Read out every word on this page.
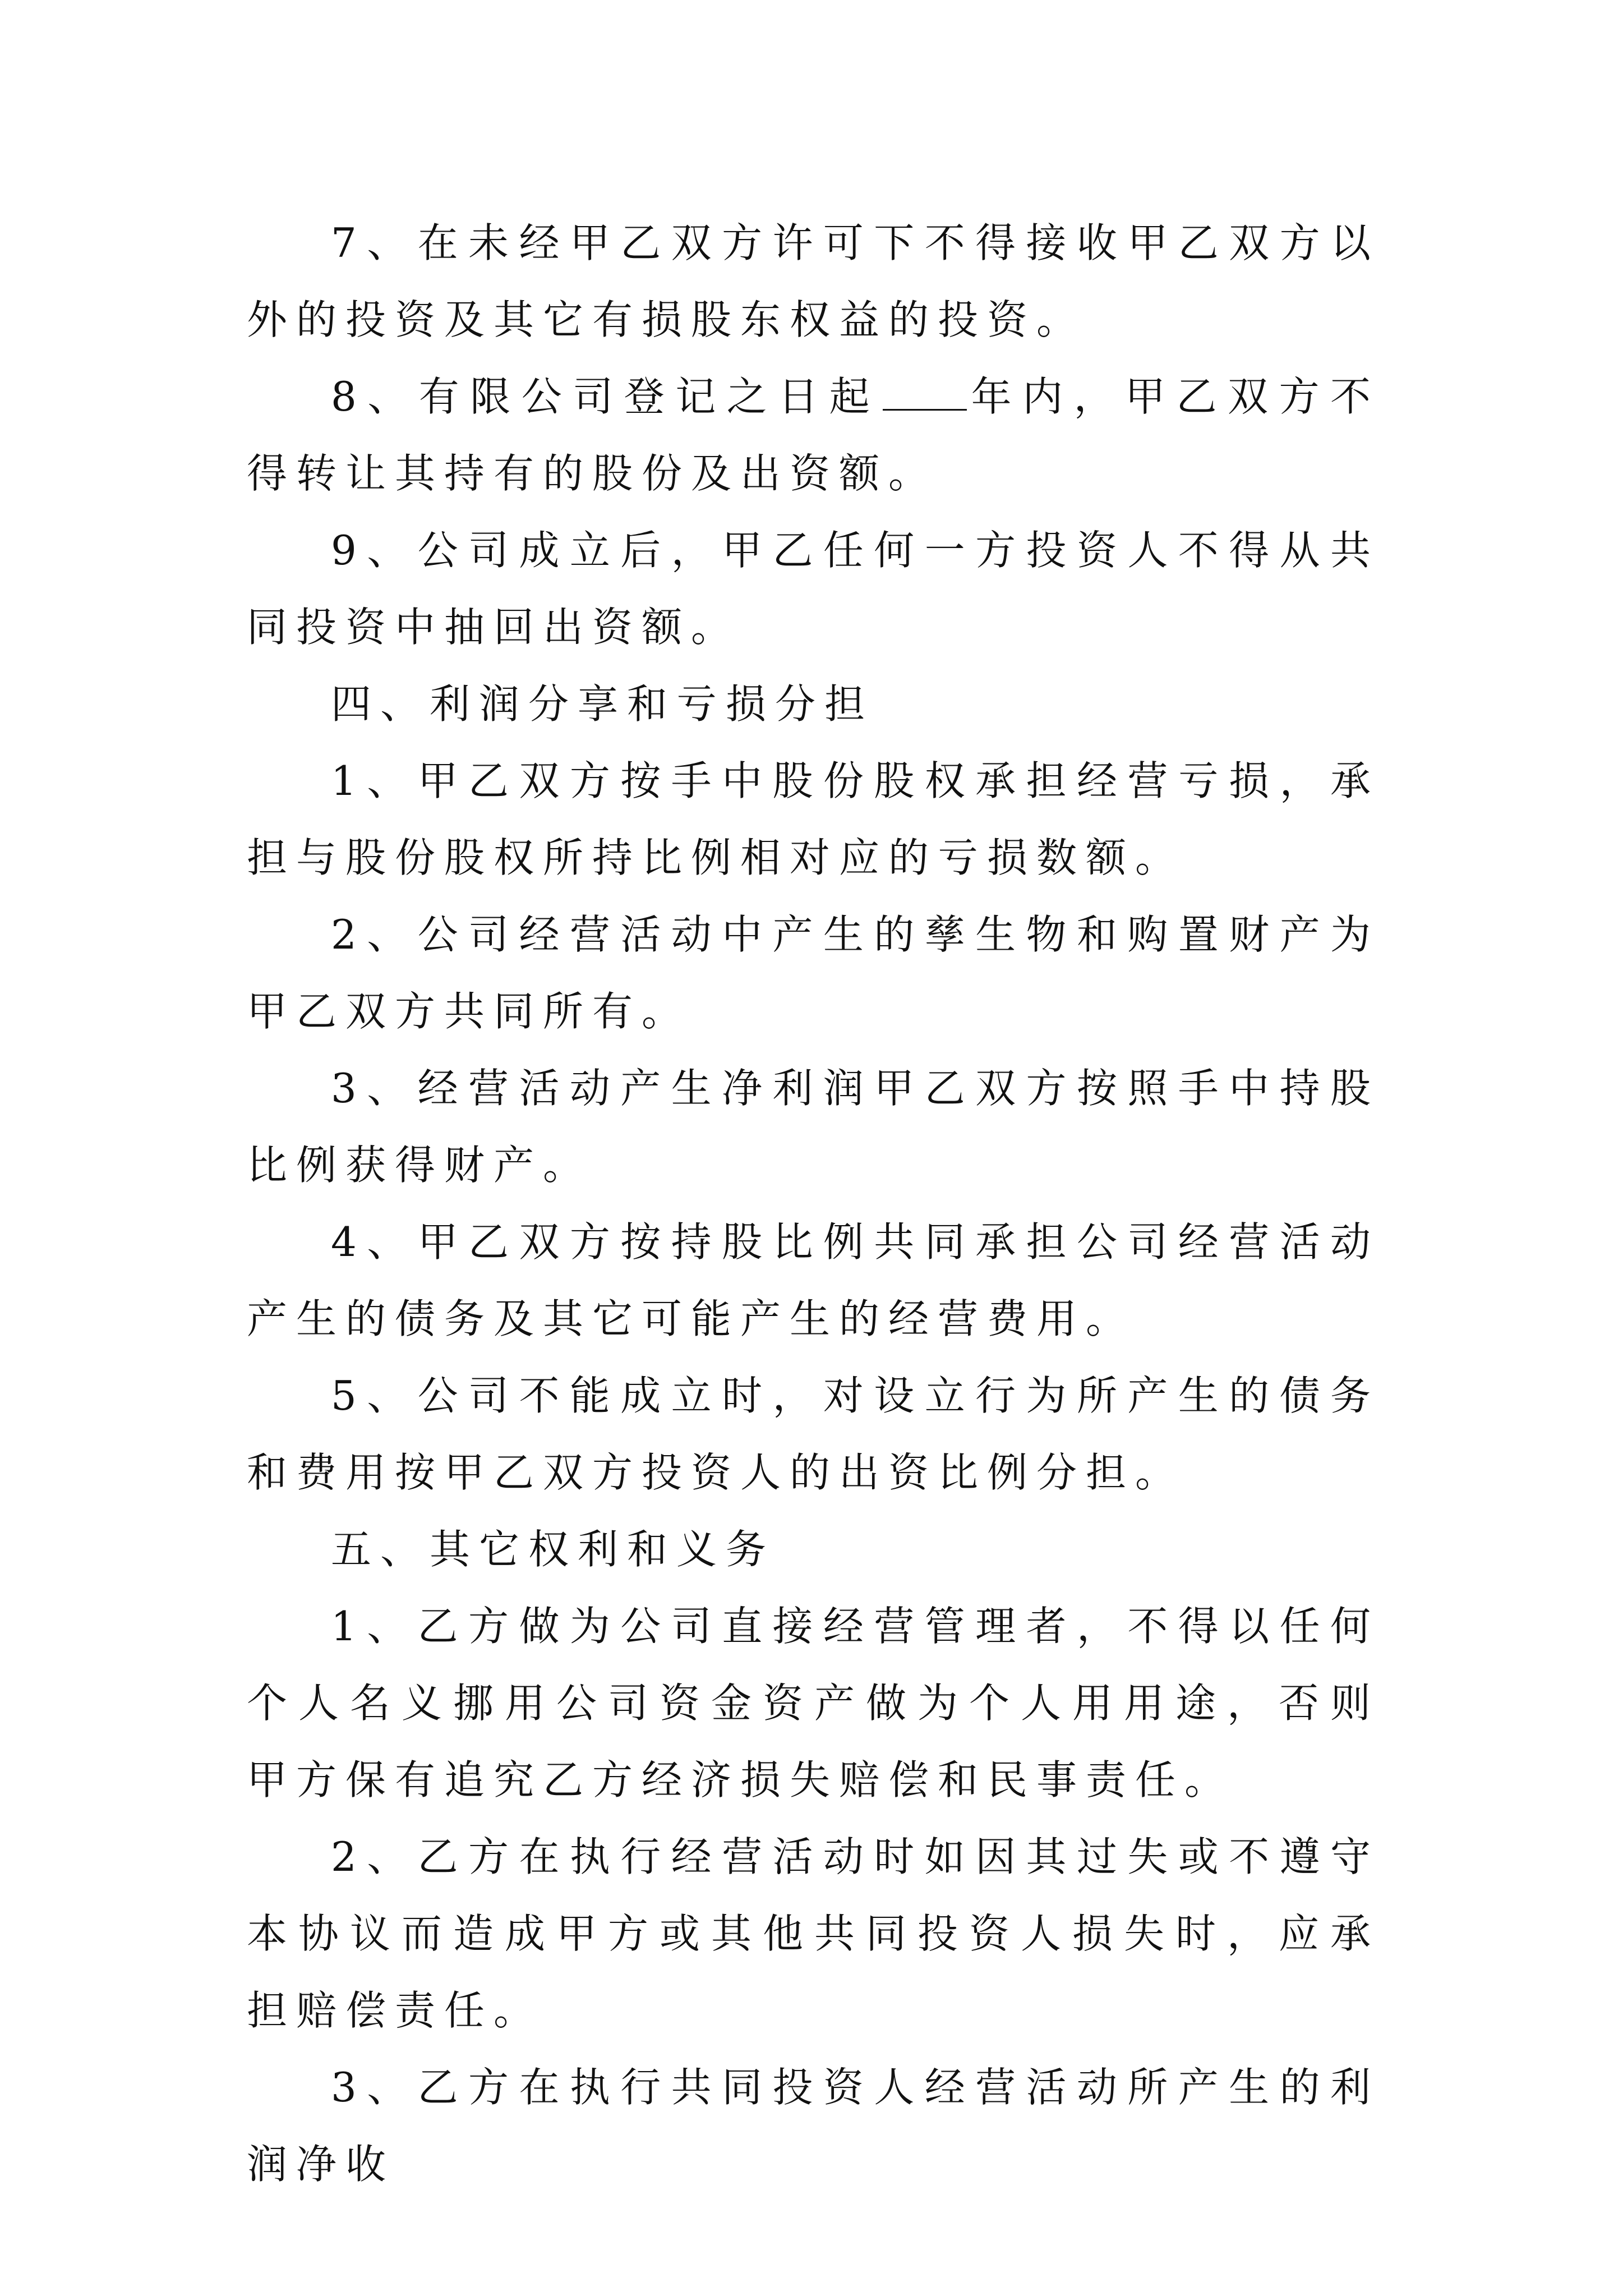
7、在未经甲乙双方许可下不得接收甲乙双方以外的投资及其它有损股东权益的投资。

8、有限公司登记之日起 年内，甲乙双方不得转让其持有的股份及出资额。

9、公司成立后，甲乙任何一方投资人不得从共同投资中抽回出资额。

四、利润分享和亏损分担

1、甲乙双方按手中股份股权承担经营亏损，承担与股份股权所持比例相对应的亏损数额。

2、公司经营活动中产生的孳生物和购置财产为甲乙双方共同所有。

3、经营活动产生净利润甲乙双方按照手中持股比例获得财产。

4、甲乙双方按持股比例共同承担公司经营活动产生的债务及其它可能产生的经营费用。

5、公司不能成立时，对设立行为所产生的债务和费用按甲乙双方投资人的出资比例分担。

五、其它权利和义务

1、乙方做为公司直接经营管理者，不得以任何个人名义挪用公司资金资产做为个人用用途，否则甲方保有追究乙方经济损失赔偿和民事责任。

2、乙方在执行经营活动时如因其过失或不遵守本协议而造成甲方或其他共同投资人损失时，应承担赔偿责任。

3、乙方在执行共同投资人经营活动所产生的利润净收
